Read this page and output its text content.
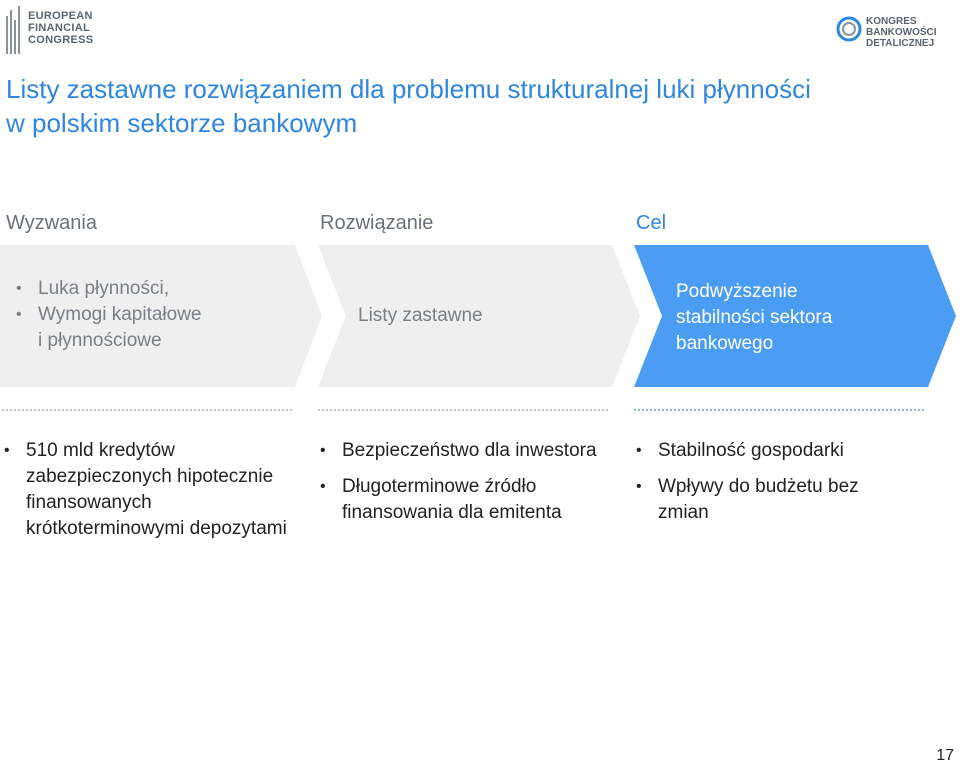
EUROPEAN
FINANCIAL
CONGRESS
KONGRES
BANKOWOŚCI
DETALICZNEJ
Listy zastawne rozwiązaniem dla problemu strukturalnej luki płynności
w polskim sektorze bankowym
Wyzwania	Rozwiązanie	Cel
• Luka płynności,
• Wymogi kapitałowe
i płynnościowe
Listy zastawne
Podwyższenie
stabilności sektora
bankowego
• 510 mld kredytów zabezpieczonych hipotecznie finansowanych krótkoterminowymi depozytami
• Bezpieczeństwo dla inwestora
• Długoterminowe źródło finansowania dla emitenta
• Stabilność gospodarki
• Wpływy do budżetu bez zmian
17
